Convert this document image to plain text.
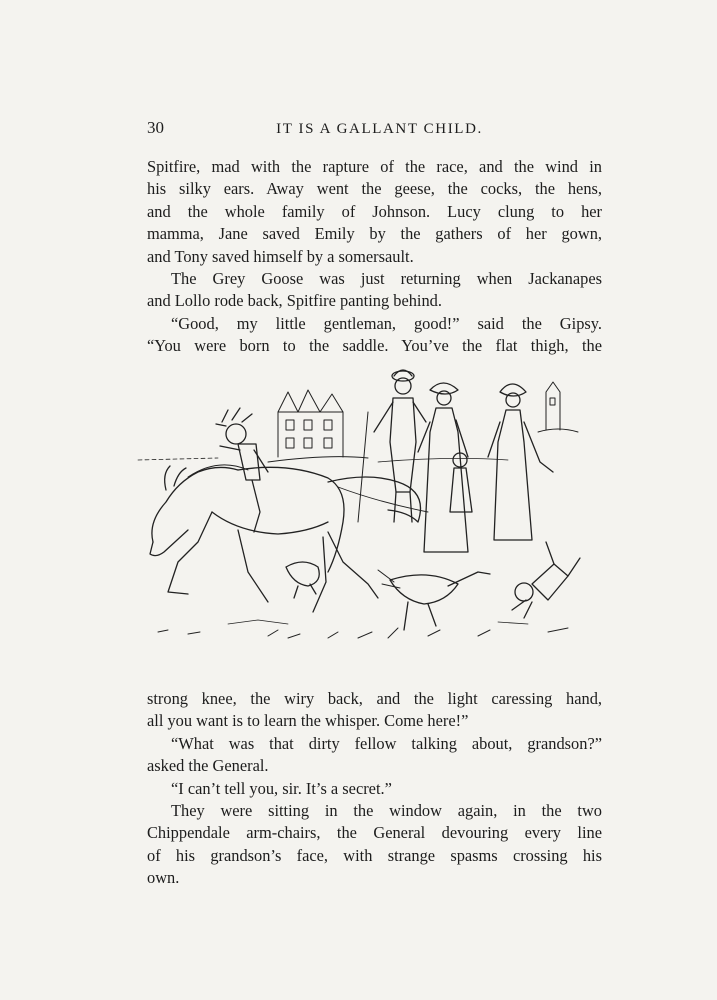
30	IT IS A GALLANT CHILD.
Spitfire, mad with the rapture of the race, and the wind in
his silky ears. Away went the geese, the cocks, the hens,
and the whole family of Johnson. Lucy clung to her
mamma, Jane saved Emily by the gathers of her gown,
and Tony saved himself by a somersault.
The Grey Goose was just returning when Jackanapes
and Lollo rode back, Spitfire panting behind.
“Good, my little gentleman, good!” said the Gipsy.
“You were born to the saddle. You’ve the flat thigh, the
strong knee, the wiry back, and the light caressing hand,
all you want is to learn the whisper. Come here!”
“What was that dirty fellow talking about, grandson?”
asked the General.
“I can’t tell you, sir. It’s a secret.”
They were sitting in the window again, in the two
Chippendale arm-chairs, the General devouring every line
of his grandson’s face, with strange spasms crossing his
own.
